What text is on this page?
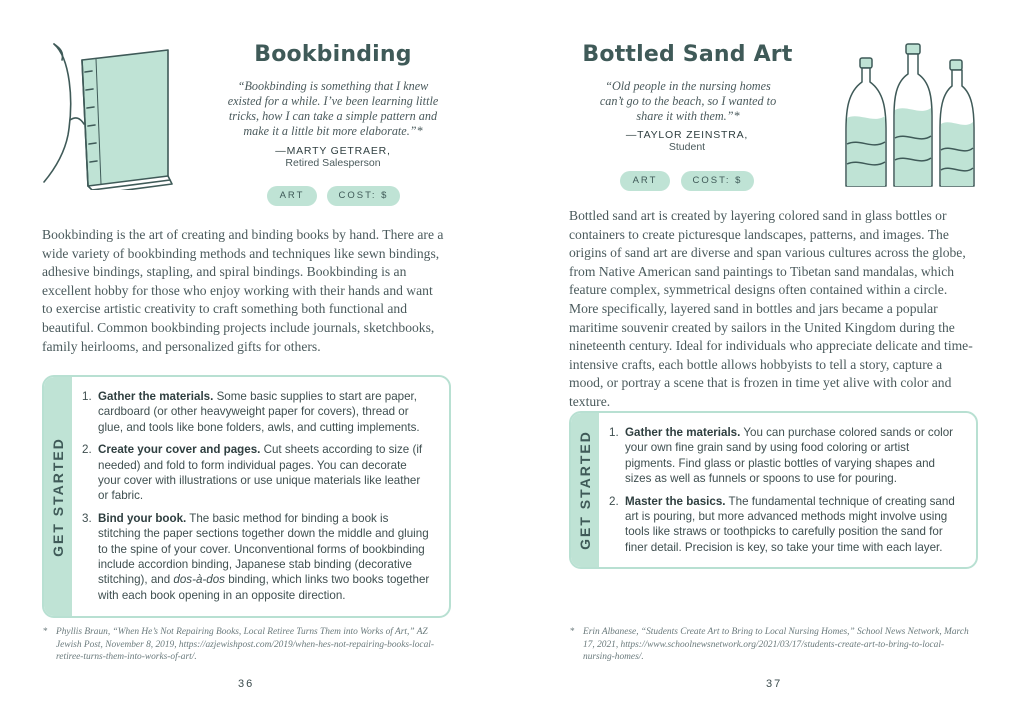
Bookbinding
“Bookbinding is something that I knew existed for a while. I’ve been learning little tricks, how I can take a simple pattern and make it a little bit more elaborate.”*
—MARTY GETRAER,
Retired Salesperson
ART	COST: $
Bookbinding is the art of creating and binding books by hand. There are a wide variety of bookbinding methods and techniques like sewn bindings, adhesive bindings, stapling, and spiral bindings. Bookbinding is an excellent hobby for those who enjoy working with their hands and want to exercise artistic creativity to craft something both functional and beautiful. Common bookbinding projects include journals, sketchbooks, family heirlooms, and personalized gifts for others.
GET STARTED
1. Gather the materials. Some basic supplies to start are paper, cardboard (or other heavyweight paper for covers), thread or glue, and tools like bone folders, awls, and cutting implements.
2. Create your cover and pages. Cut sheets according to size (if needed) and fold to form individual pages. You can decorate your cover with illustrations or use unique materials like leather or fabric.
3. Bind your book. The basic method for binding a book is stitching the paper sections together down the middle and gluing to the spine of your cover. Unconventional forms of bookbinding include accordion binding, Japanese stab binding (decorative stitching), and dos-à-dos binding, which links two books together with each book opening in an opposite direction.
* Phyllis Braun, “When He’s Not Repairing Books, Local Retiree Turns Them into Works of Art,” AZ Jewish Post, November 8, 2019, https://azjewishpost.com/2019/when-hes-not-repairing-books-local-retiree-turns-them-into-works-of-art/.
36
Bottled Sand Art
“Old people in the nursing homes can’t go to the beach, so I wanted to share it with them.”*
—TAYLOR ZEINSTRA,
Student
ART	COST: $
Bottled sand art is created by layering colored sand in glass bottles or containers to create picturesque landscapes, patterns, and images. The origins of sand art are diverse and span various cultures across the globe, from Native American sand paintings to Tibetan sand mandalas, which feature complex, symmetrical designs often contained within a circle. More specifically, layered sand in bottles and jars became a popular maritime souvenir created by sailors in the United Kingdom during the nineteenth century. Ideal for individuals who appreciate delicate and time-intensive crafts, each bottle allows hobbyists to tell a story, capture a mood, or portray a scene that is frozen in time yet alive with color and texture.
GET STARTED 1. Gather the materials. You can purchase colored sands or color your own fine grain sand by using food coloring or artist pigments. Find glass or plastic bottles of varying shapes and sizes as well as funnels or spoons to use for pouring.
2. Master the basics. The fundamental technique of creating sand art is pouring, but more advanced methods might involve using tools like straws or toothpicks to carefully position the sand for finer detail. Precision is key, so take your time with each layer.
* Erin Albanese, “Students Create Art to Bring to Local Nursing Homes,” School News Network, March 17, 2021, https://www.schoolnewsnetwork.org/2021/03/17/students-create-art-to-bring-to-local-nursing-homes/.
37
